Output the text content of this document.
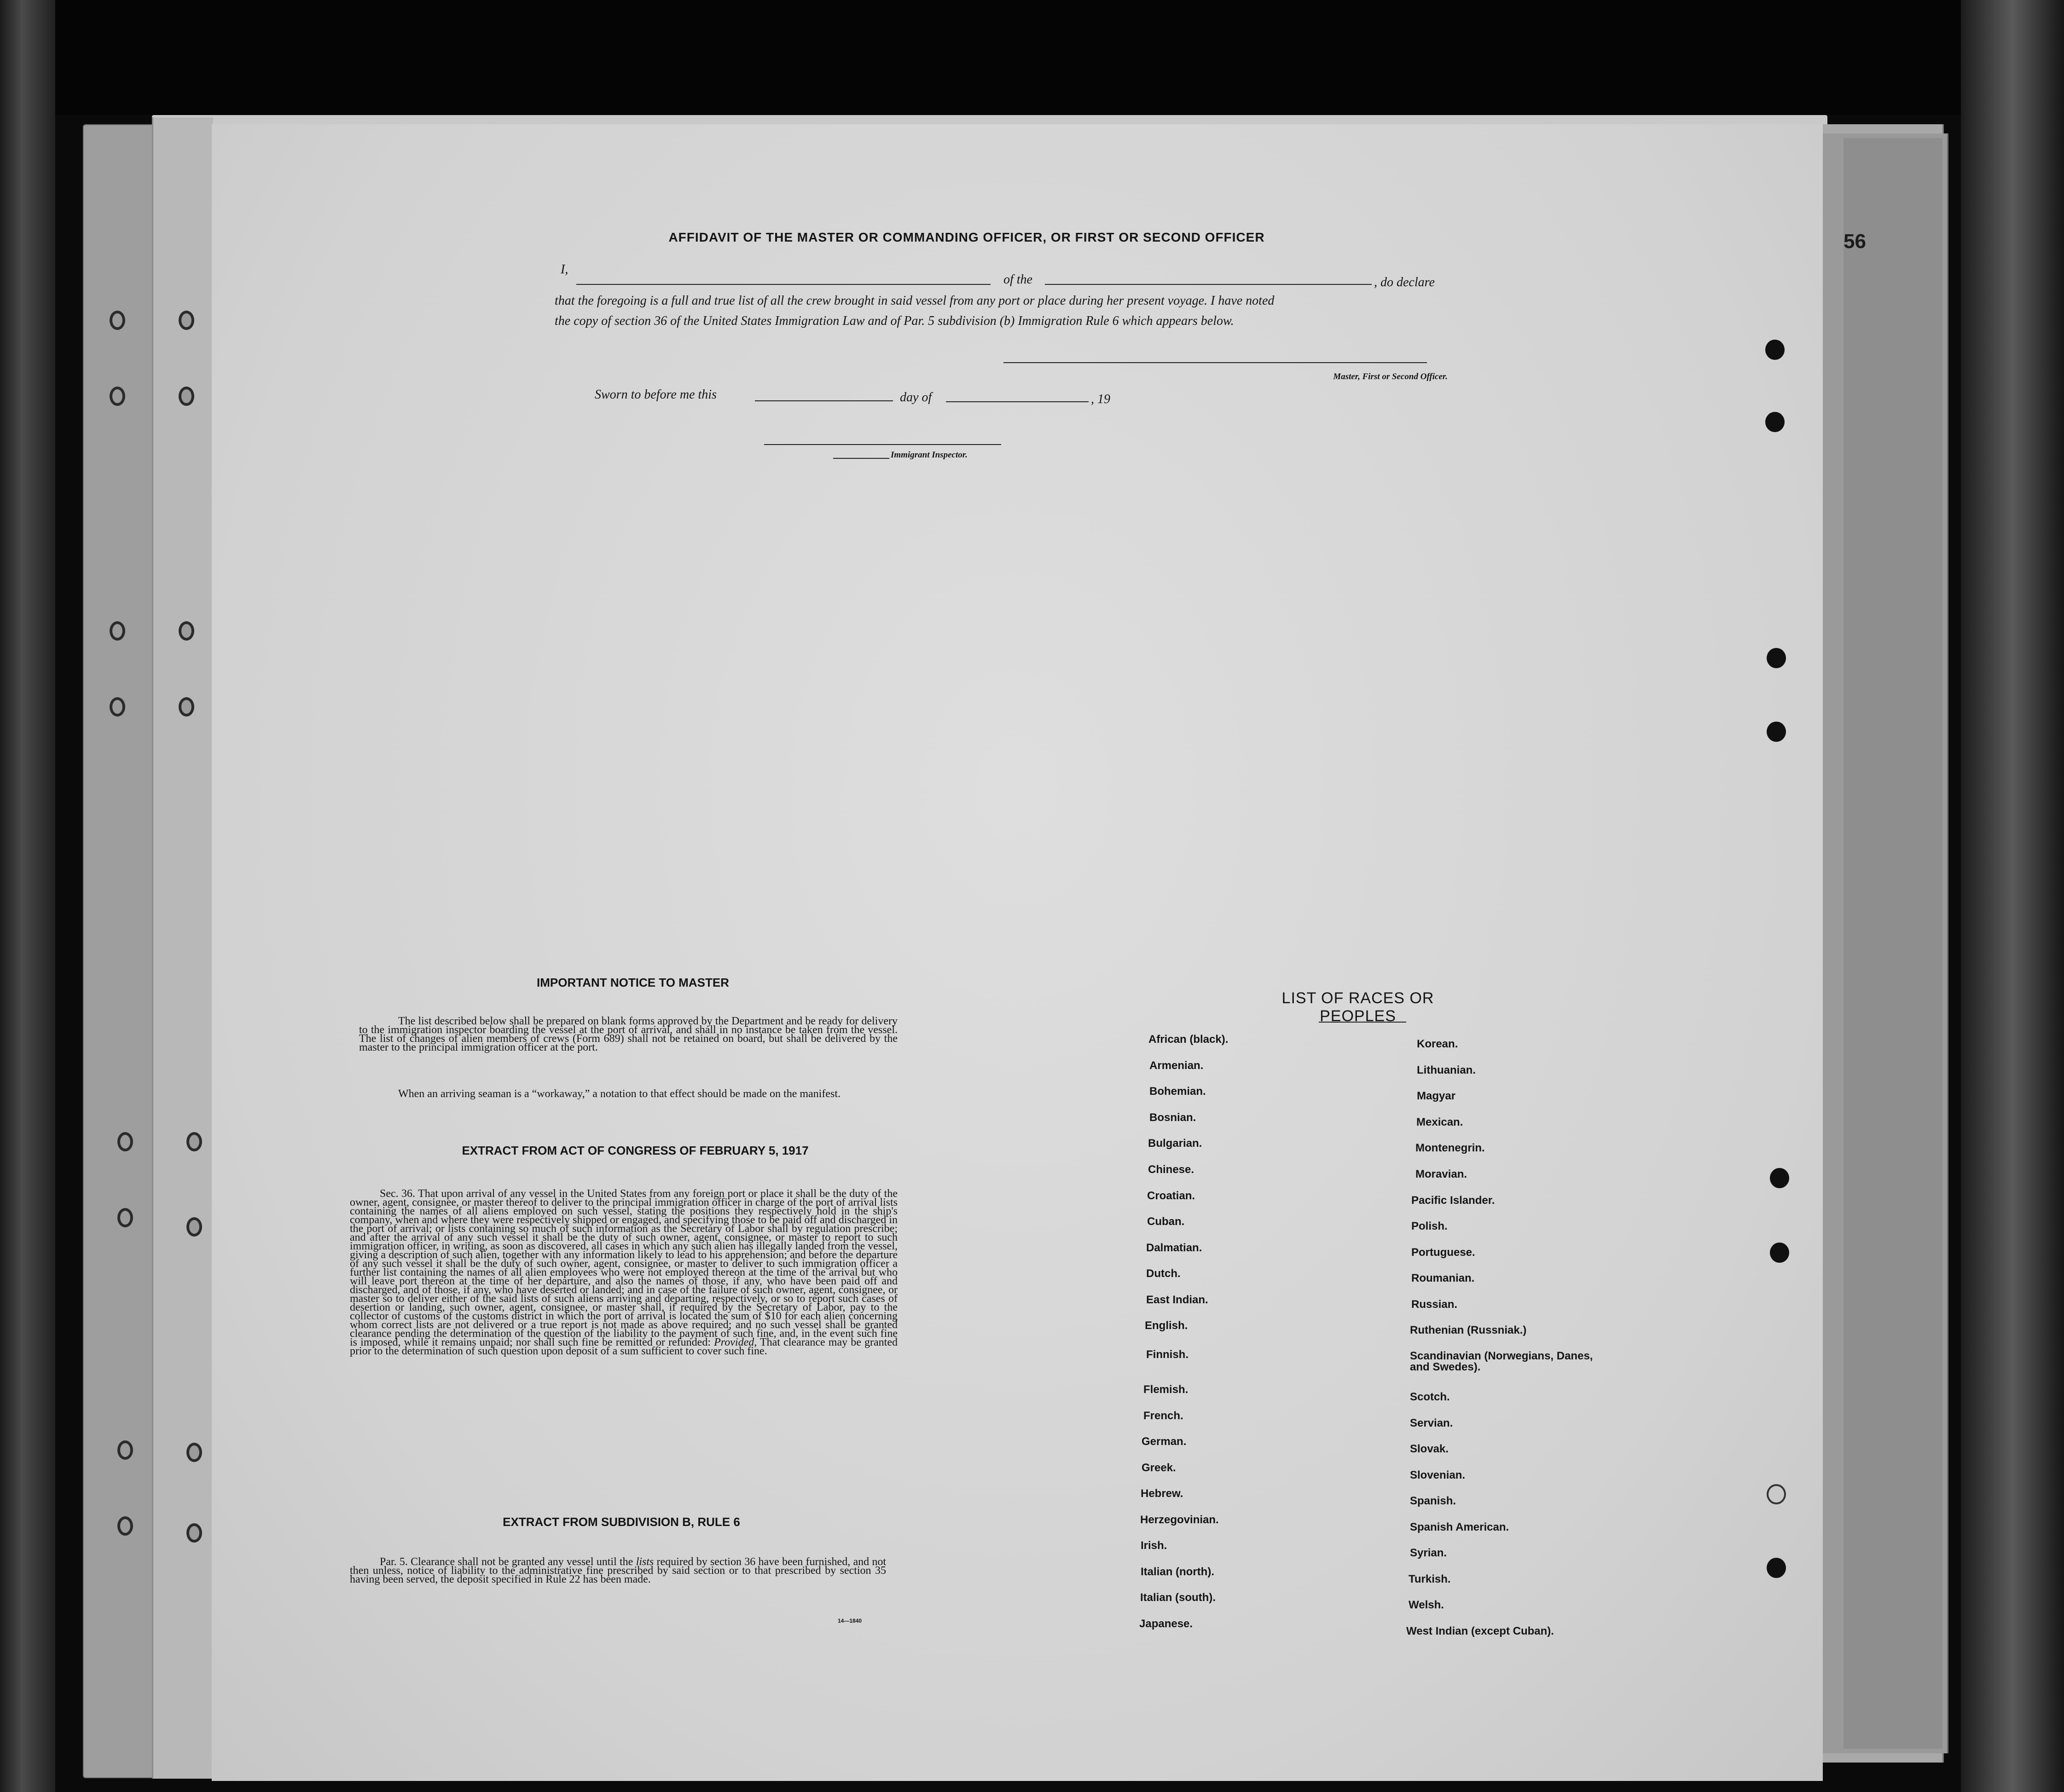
56
AFFIDAVIT OF THE MASTER OR COMMANDING OFFICER, OR FIRST OR SECOND OFFICER
I,
of the	, do declare
that the foregoing is a full and true list of all the crew brought in said vessel from any port or place during her present voyage. I have noted
the copy of section 36 of the United States Immigration Law and of Par. 5 subdivision (b) Immigration Rule 6 which appears below.
Master, First or Second Officer.
Sworn to before me this	day of	, 19
Immigrant Inspector.
IMPORTANT NOTICE TO MASTER
The list described below shall be prepared on blank forms approved by the Department and be ready for delivery to the immigration inspector boarding the vessel at the port of arrival, and shall in no instance be taken from the vessel. The list of changes of alien members of crews (Form 689) shall not be retained on board, but shall be delivered by the master to the principal immigration officer at the port.
When an arriving seaman is a “workaway,” a notation to that effect should be made on the manifest.
EXTRACT FROM ACT OF CONGRESS OF FEBRUARY 5, 1917
Sec. 36. That upon arrival of any vessel in the United States from any foreign port or place it shall be the duty of the owner, agent, consignee, or master thereof to deliver to the principal immigration officer in charge of the port of arrival lists containing the names of all aliens employed on such vessel, stating the positions they respectively hold in the ship's company, when and where they were respectively shipped or engaged, and specifying those to be paid off and discharged in the port of arrival; or lists containing so much of such information as the Secretary of Labor shall by regulation prescribe; and after the arrival of any such vessel it shall be the duty of such owner, agent, consignee, or master to report to such immigration officer, in writing, as soon as discovered, all cases in which any such alien has illegally landed from the vessel, giving a description of such alien, together with any information likely to lead to his apprehension; and before the departure of any such vessel it shall be the duty of such owner, agent, consignee, or master to deliver to such immigration officer a further list containing the names of all alien employees who were not employed thereon at the time of the arrival but who will leave port thereon at the time of her departure, and also the names of those, if any, who have been paid off and discharged, and of those, if any, who have deserted or landed; and in case of the failure of such owner, agent, consignee, or master so to deliver either of the said lists of such aliens arriving and departing, respectively, or so to report such cases of desertion or landing, such owner, agent, consignee, or master shall, if required by the Secretary of Labor, pay to the collector of customs of the customs district in which the port of arrival is located the sum of $10 for each alien concerning whom correct lists are not delivered or a true report is not made as above required; and no such vessel shall be granted clearance pending the determination of the question of the liability to the payment of such fine, and, in the event such fine is imposed, while it remains unpaid; nor shall such fine be remitted or refunded: Provided, That clearance may be granted prior to the determination of such question upon deposit of a sum sufficient to cover such fine.
EXTRACT FROM SUBDIVISION B, RULE 6
Par. 5. Clearance shall not be granted any vessel until the lists required by section 36 have been furnished, and not then unless, notice of liability to the administrative fine prescribed by said section or to that prescribed by section 35 having been served, the deposit specified in Rule 22 has been made.
14—1840
LIST OF RACES OR PEOPLES
African (black).
Armenian.
Bohemian.
Bosnian.
Bulgarian.
Chinese.
Croatian.
Cuban.
Dalmatian.
Dutch.
East Indian.
English.
Finnish.
Flemish.
French.
German.
Greek.
Hebrew.
Herzegovinian.
Irish.
Italian (north).
Italian (south).
Japanese.
Korean.
Lithuanian.
Magyar
Mexican.
Montenegrin.
Moravian.
Pacific Islander.
Polish.
Portuguese.
Roumanian.
Russian.
Ruthenian (Russniak.)
Scandinavian (Norwegians, Danes, and Swedes).
Scotch.
Servian.
Slovak.
Slovenian.
Spanish.
Spanish American.
Syrian.
Turkish.
Welsh.
West Indian (except Cuban).
